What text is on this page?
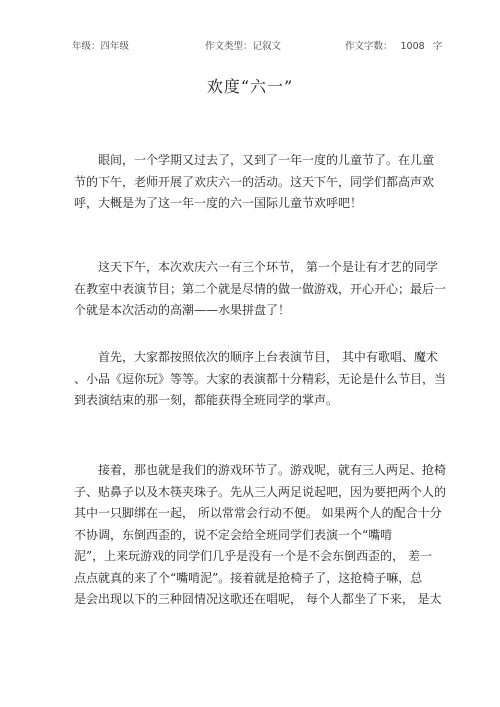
年级：四年级	作文类型：记叙文	作文字数： 1008 字
欢度“六一”
眼间，一个学期又过去了，又到了一年一度的儿童节了。在儿童
节的下午，老师开展了欢庆六一的活动。这天下午，同学们都高声欢
呼，大概是为了这一年一度的六一国际儿童节欢呼吧！
这天下午，本次欢庆六一有三个环节， 第一个是让有才艺的同学
在教室中表演节目；第二个就是尽情的做一做游戏，开心开心；最后一
个就是本次活动的高潮——水果拼盘了！
首先，大家都按照依次的顺序上台表演节目， 其中有歌唱、魔术
、小品《逗你玩》等等。大家的表演都十分精彩，无论是什么节目，当
到表演结束的那一刻，都能获得全班同学的掌声。
接着，那也就是我们的游戏环节了。游戏呢，就有三人两足、抢椅
子、贴鼻子以及木筷夹珠子。先从三人两足说起吧，因为要把两个人的
其中一只脚绑在一起， 所以常常会行动不便。 如果两个人的配合十分
不协调，东倒西歪的，说不定会给全班同学们表演一个“嘴啃
泥”，上来玩游戏的同学们几乎是没有一个是不会东倒西歪的， 差一
点点就真的来了个“嘴啃泥”。接着就是抢椅子了，这抢椅子嘛，总
是会出现以下的三种囧情况这歌还在唱呢， 每个人都坐了下来， 是太
